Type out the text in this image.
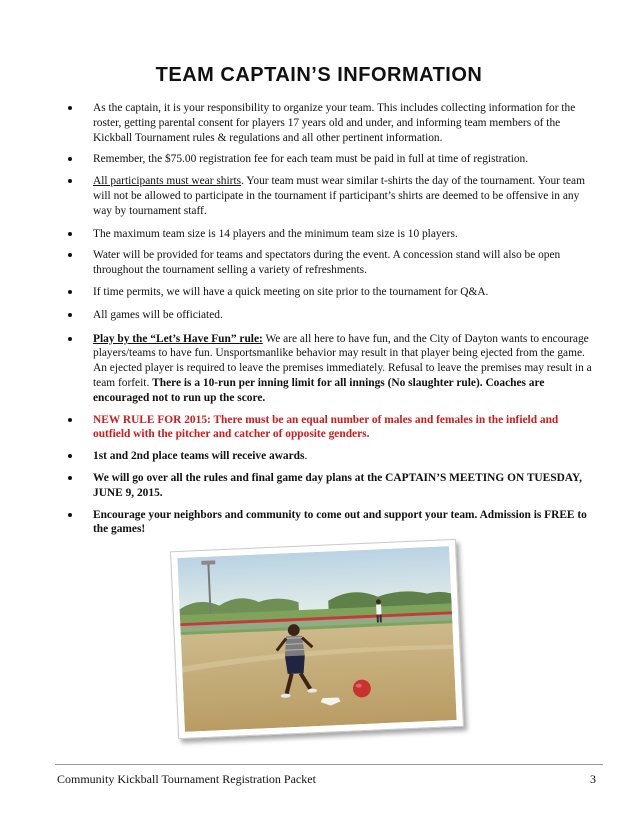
TEAM CAPTAIN’S INFORMATION
As the captain, it is your responsibility to organize your team. This includes collecting information for the roster, getting parental consent for players 17 years old and under, and informing team members of the Kickball Tournament rules & regulations and all other pertinent information.
Remember, the $75.00 registration fee for each team must be paid in full at time of registration.
All participants must wear shirts. Your team must wear similar t-shirts the day of the tournament. Your team will not be allowed to participate in the tournament if participant’s shirts are deemed to be offensive in any way by tournament staff.
The maximum team size is 14 players and the minimum team size is 10 players.
Water will be provided for teams and spectators during the event. A concession stand will also be open throughout the tournament selling a variety of refreshments.
If time permits, we will have a quick meeting on site prior to the tournament for Q&A.
All games will be officiated.
Play by the “Let’s Have Fun” rule: We are all here to have fun, and the City of Dayton wants to encourage players/teams to have fun. Unsportsmanlike behavior may result in that player being ejected from the game. An ejected player is required to leave the premises immediately. Refusal to leave the premises may result in a team forfeit. There is a 10-run per inning limit for all innings (No slaughter rule). Coaches are encouraged not to run up the score.
NEW RULE FOR 2015: There must be an equal number of males and females in the infield and outfield with the pitcher and catcher of opposite genders.
1st and 2nd place teams will receive awards.
We will go over all the rules and final game day plans at the CAPTAIN’S MEETING ON TUESDAY, JUNE 9, 2015.
Encourage your neighbors and community to come out and support your team. Admission is FREE to the games!
Community Kickball Tournament Registration Packet	3
